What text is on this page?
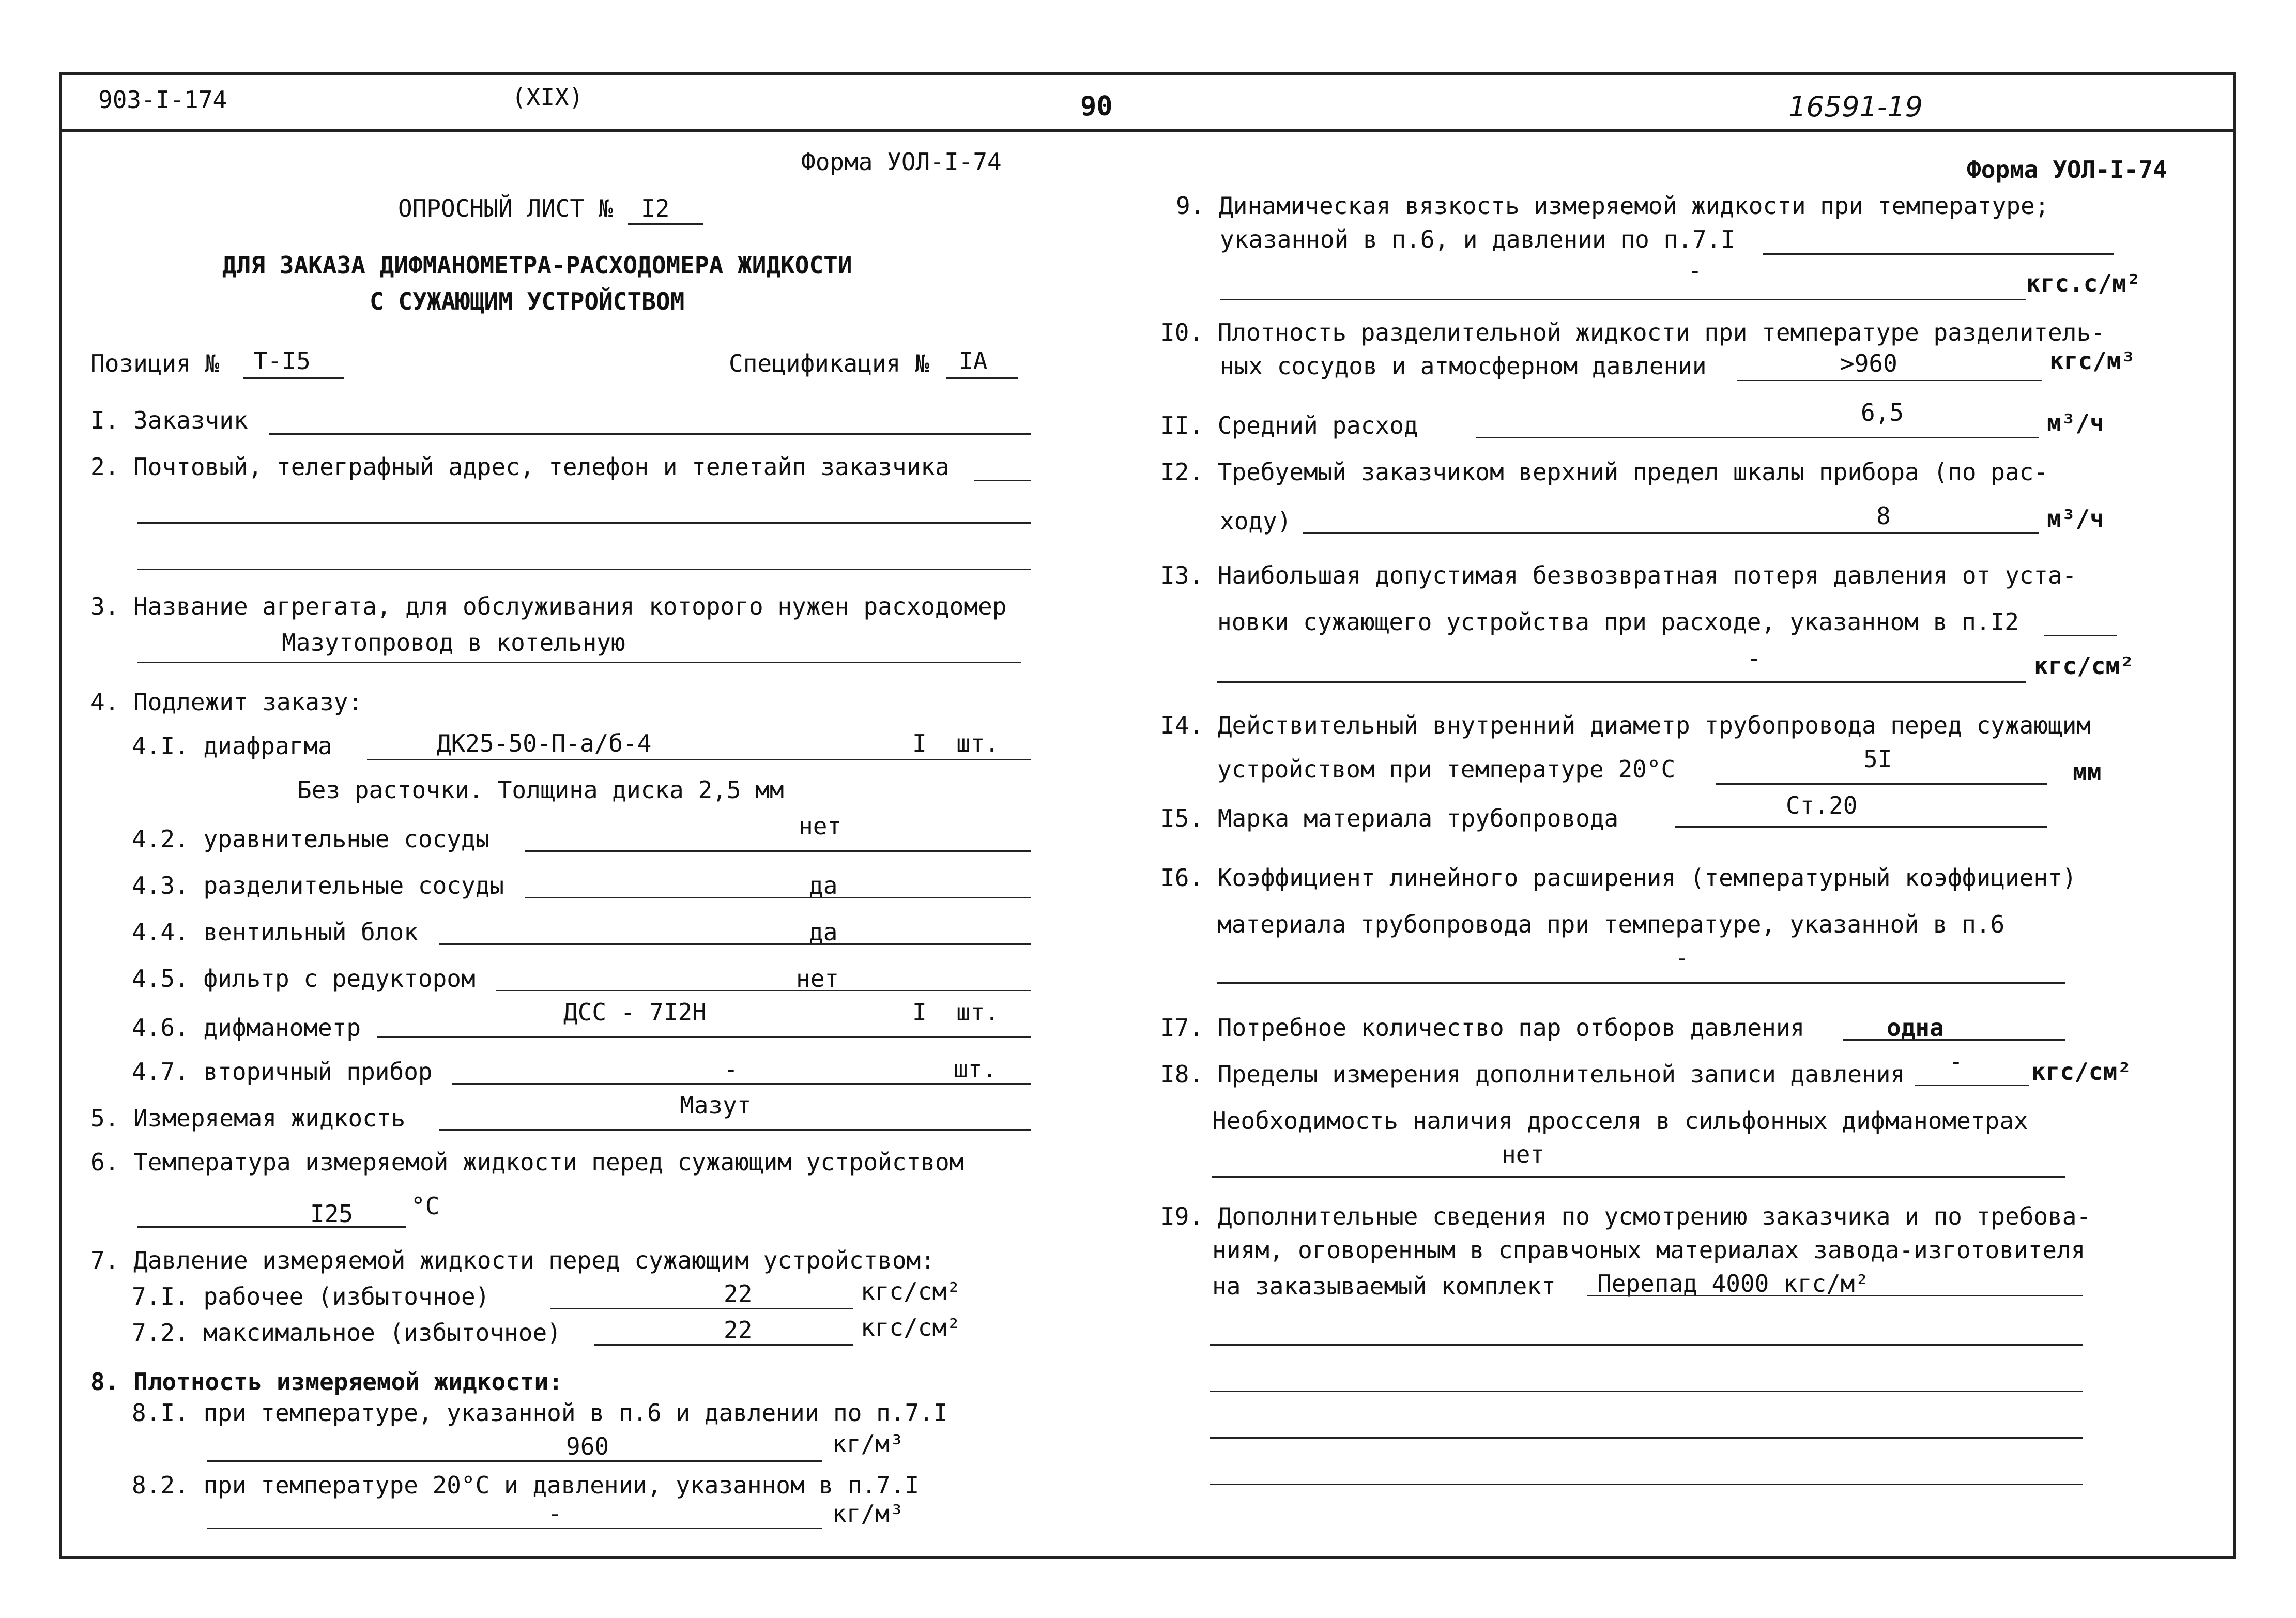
903-I-174	(XIX)	90	16591-19
Форма УОЛ-I-74
ОПРОСНЫЙ ЛИСТ № I2
ДЛЯ ЗАКАЗА ДИФМАНОМЕТРА-РАСХОДОМЕРА ЖИДКОСТИ
С СУЖАЮЩИМ УСТРОЙСТВОМ
Позиция № Т-I5	Спецификация № IА
I. Заказчик
2. Почтовый, телеграфный адрес, телефон и телетайп заказчика
3. Название агрегата, для обслуживания которого нужен расходомер
Мазутопровод в котельную
4. Подлежит заказу:
4.I. диафрагма	ДК25-50-П-а/б-4	I шт.
Без расточки. Толщина диска 2,5 мм
4.2. уравнительные сосуды	нет
4.3. разделительные сосуды	да
4.4. вентильный блок	да
4.5. фильтр с редуктором	нет
4.6. дифманометр
ДСС - 7I2Н	I шт.
4.7. вторичный прибор	-	шт.
5. Измеряемая жидкость	Мазут
6. Температура измеряемой жидкости перед сужающим устройством
I25 °С
7. Давление измеряемой жидкости перед сужающим устройством:
7.I. рабочее (избыточное)	22	кгс/см²
7.2. максимальное (избыточное)	22	кгс/см²
8. Плотность измеряемой жидкости:
8.I. при температуре, указанной в п.6 и давлении по п.7.I
960	кг/м³
8.2. при температуре 20°С и давлении, указанном в п.7.I
-	кг/м³
Форма УОЛ-I-74
9. Динамическая вязкость измеряемой жидкости при температуре;
указанной в п.6, и давлении по п.7.I
-	кгс.с/м²
I0. Плотность разделительной жидкости при температуре разделитель-
ных сосудов и атмосферном давлении	>960	кгс/м³
II. Средний расход	6,5	м³/ч
I2. Требуемый заказчиком верхний предел шкалы прибора (по рас-
ходу)	8	м³/ч
I3. Наибольшая допустимая безвозвратная потеря давления от уста-
новки сужающего устройства при расходе, указанном в п.I2
-	кгс/см²
I4. Действительный внутренний диаметр трубопровода перед сужающим
устройством при температуре 20°С	5I	мм
I5. Марка материала трубопровода	Ст.20
I6. Коэффициент линейного расширения (температурный коэффициент)
материала трубопровода при температуре, указанной в п.6
-
I7. Потребное количество пар отборов давления	одна
I8. Пределы измерения дополнительной записи давления -	кгс/см²
Необходимость наличия дросселя в сильфонных дифманометрах
нет
I9. Дополнительные сведения по усмотрению заказчика и по требова-
ниям, оговоренным в справчоных материалах завода-изготовителя
на заказываемый комплект Перепад 4000 кгс/м²
